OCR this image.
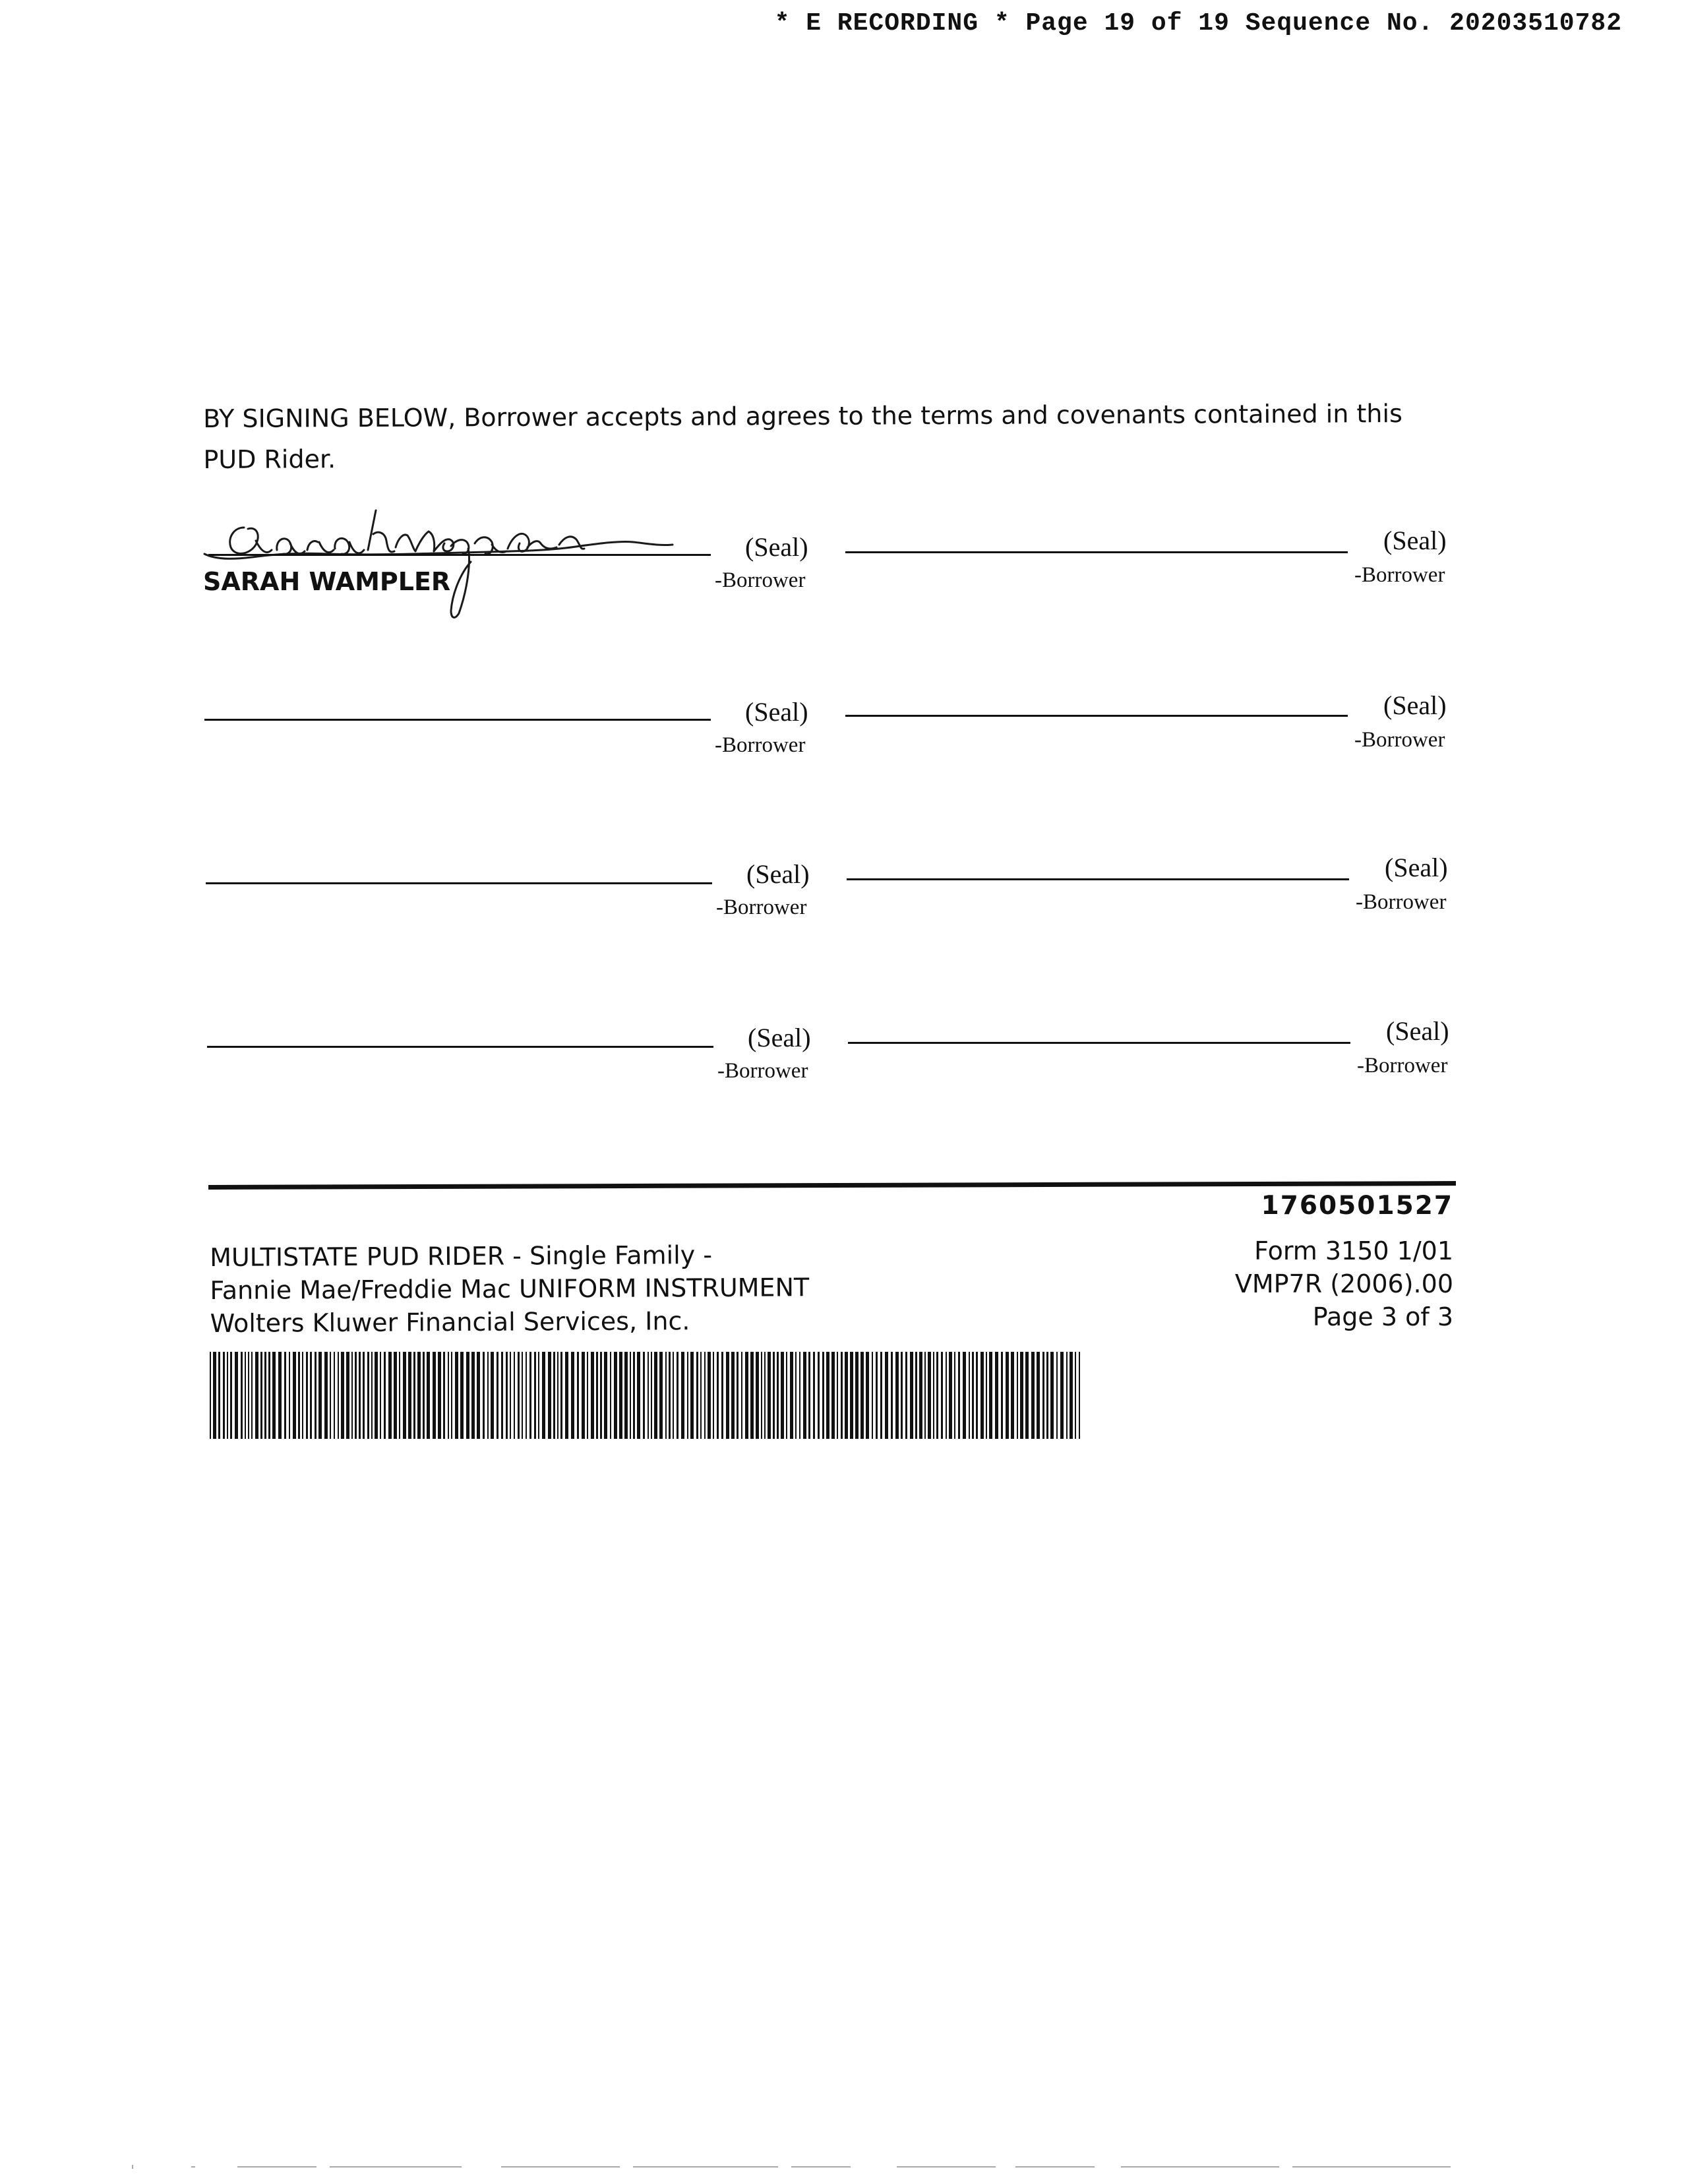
* E RECORDING * Page 19 of 19 Sequence No. 20203510782
BY SIGNING BELOW, Borrower accepts and agrees to the terms and covenants contained in this
PUD Rider.
SARAH WAMPLER
(Seal)
-Borrower
(Seal)
-Borrower
(Seal)
-Borrower
(Seal)
-Borrower
(Seal)
-Borrower
(Seal)
-Borrower
(Seal)
-Borrower
(Seal)
-Borrower
1760501527
MULTISTATE PUD RIDER - Single Family -
Fannie Mae/Freddie Mac UNIFORM INSTRUMENT
Wolters Kluwer Financial Services, Inc.
Form 3150 1/01
VMP7R (2006).00
Page 3 of 3
